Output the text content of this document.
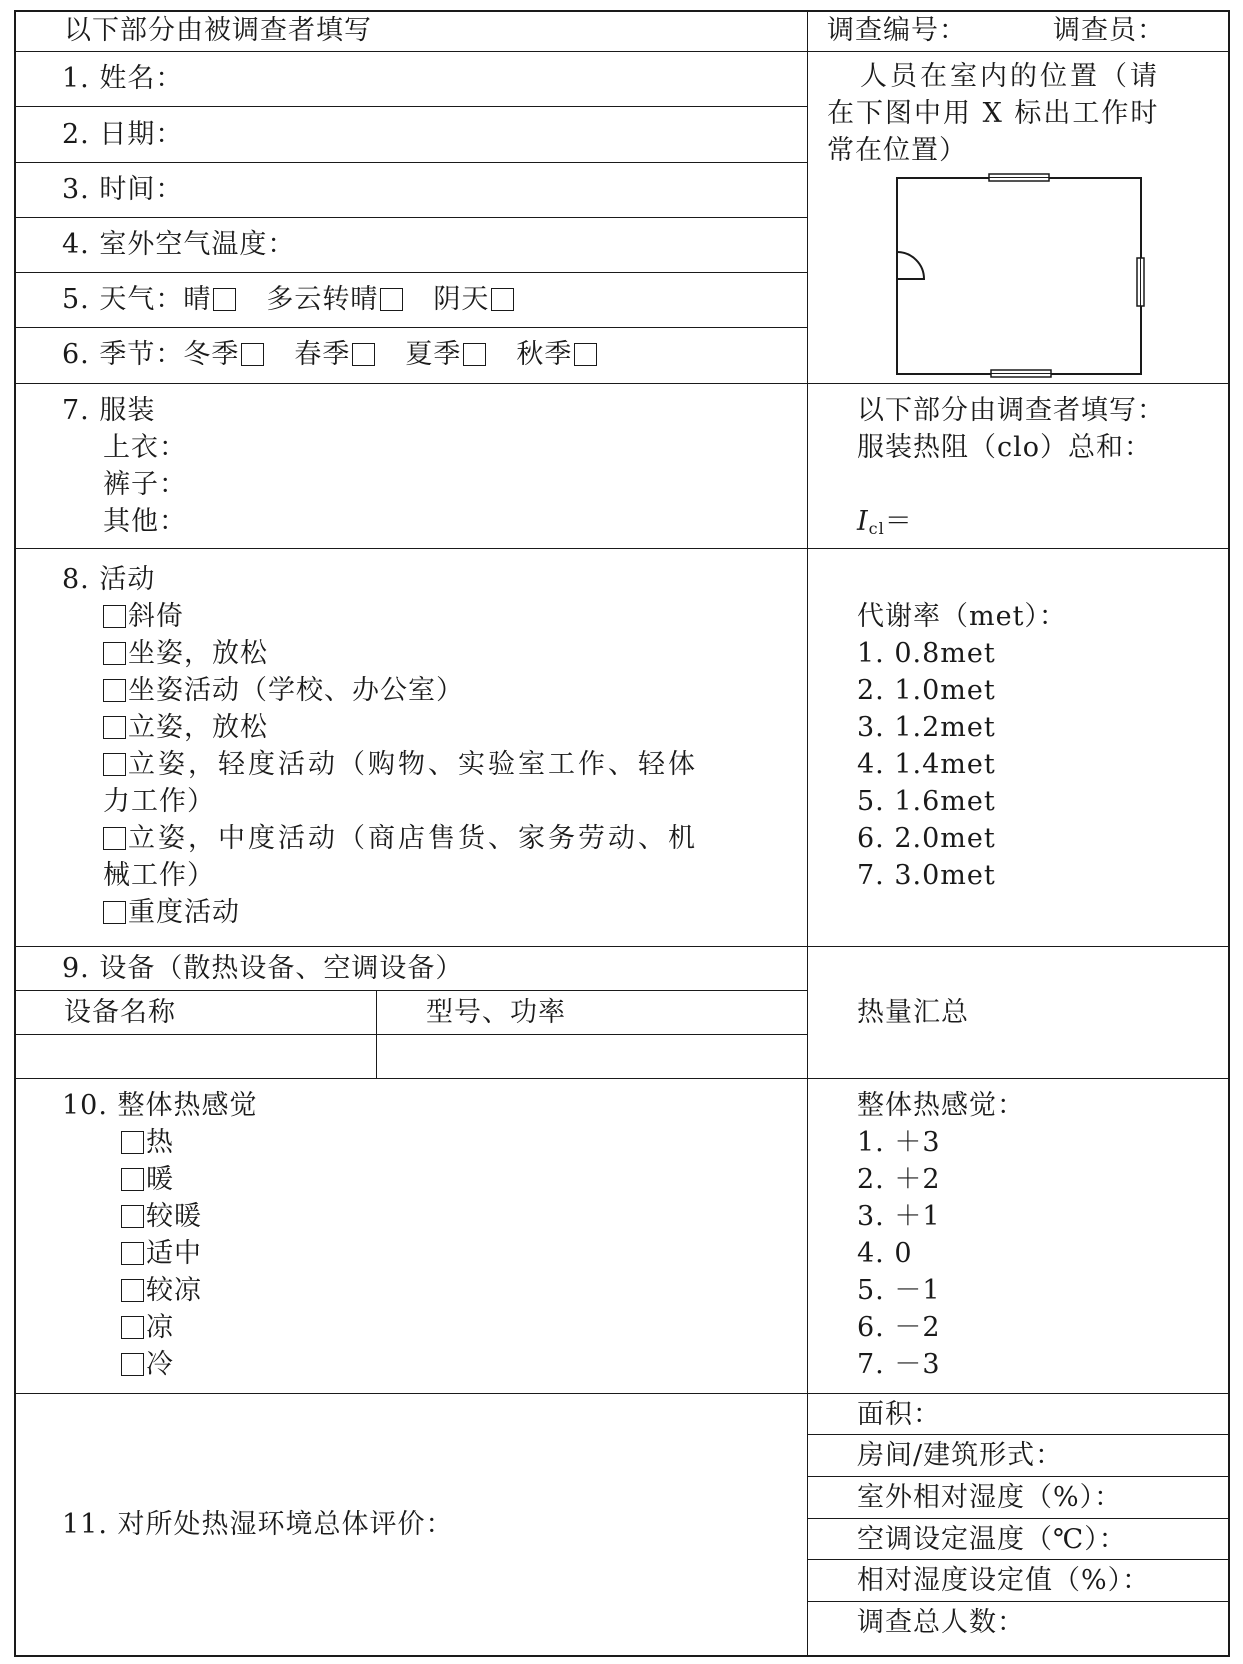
以下部分由被调查者填写	调查编号：	调查员：
1. 姓名：
2. 日期：
3. 时间：
4. 室外空气温度：
5. 天气：晴 多云转晴 阴天
6. 季节：冬季 春季 夏季 秋季
人员在室内的位置（请
在下图中用 X 标出工作时
常在位置）
7. 服装
上衣：
裤子：
其他：
以下部分由调查者填写：
服装热阻（clo）总和：
Icl＝
8. 活动
斜倚
坐姿，放松
坐姿活动（学校、办公室）
立姿，放松
立姿，轻度活动（购物、实验室工作、轻体
力工作）
立姿，中度活动（商店售货、家务劳动、机
械工作）
重度活动
代谢率（met）：
1. 0.8met
2. 1.0met
3. 1.2met
4. 1.4met
5. 1.6met
6. 2.0met
7. 3.0met
9. 设备（散热设备、空调设备）
设备名称	型号、功率	热量汇总
10. 整体热感觉
热
暖
较暖
适中
较凉
凉
冷
整体热感觉：
1. ＋3
2. ＋2
3. ＋1
4. 0
5. －1
6. －2
7. －3
11. 对所处热湿环境总体评价：
面积：
房间/建筑形式：
室外相对湿度（%）：
空调设定温度（℃）：
相对湿度设定值（%）：
调查总人数：
